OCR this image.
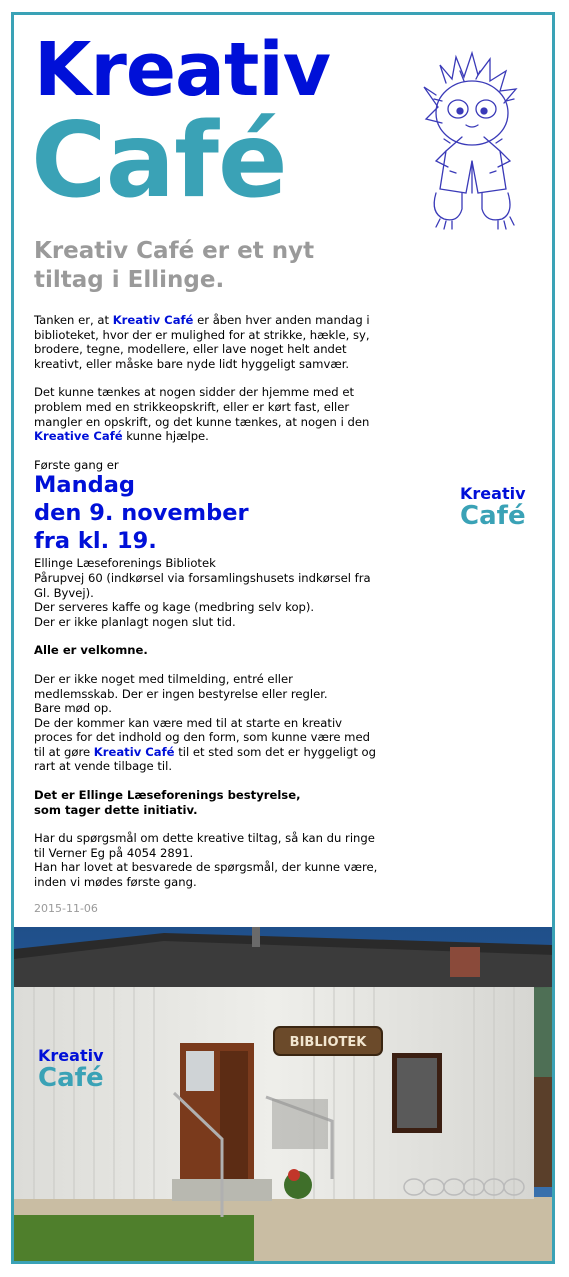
Kreativ
Café
Kreativ Café er et nyt tiltag i Ellinge.

Tanken er, at Kreativ Café er åben hver anden mandag i biblioteket, hvor der er mulighed for at strikke, hækle, sy, brodere, tegne, modellere, eller lave noget helt andet kreativt, eller måske bare nyde lidt hyggeligt samvær.

Det kunne tænkes at nogen sidder der hjemme med et problem med en strikkeopskrift, eller er kørt fast, eller mangler en opskrift, og det kunne tænkes, at nogen i den Kreative Café kunne hjælpe.

Første gang er
Mandag
den 9. november
fra kl. 19.

Ellinge Læseforenings Bibliotek
Pårupvej 60 (indkørsel via forsamlingshusets indkørsel fra Gl. Byvej).
Der serveres kaffe og kage (medbring selv kop).
Der er ikke planlagt nogen slut tid.

Alle er velkomne.

Der er ikke noget med tilmelding, entré eller medlemsskab. Der er ingen bestyrelse eller regler.
Bare mød op.
De der kommer kan være med til at starte en kreativ proces for det indhold og den form, som kunne være med til at gøre Kreativ Café til et sted som det er hyggeligt og rart at vende tilbage til.

Det er Ellinge Læseforenings bestyrelse,
som tager dette initiativ.

Har du spørgsmål om dette kreative tiltag, så kan du ringe til Verner Eg på 4054 2891.
Han har lovet at besvarede de spørgsmål, der kunne være, inden vi mødes første gang.

2015-11-06
Kreativ
Café
BIBLIOTEK
Kreativ
Café
